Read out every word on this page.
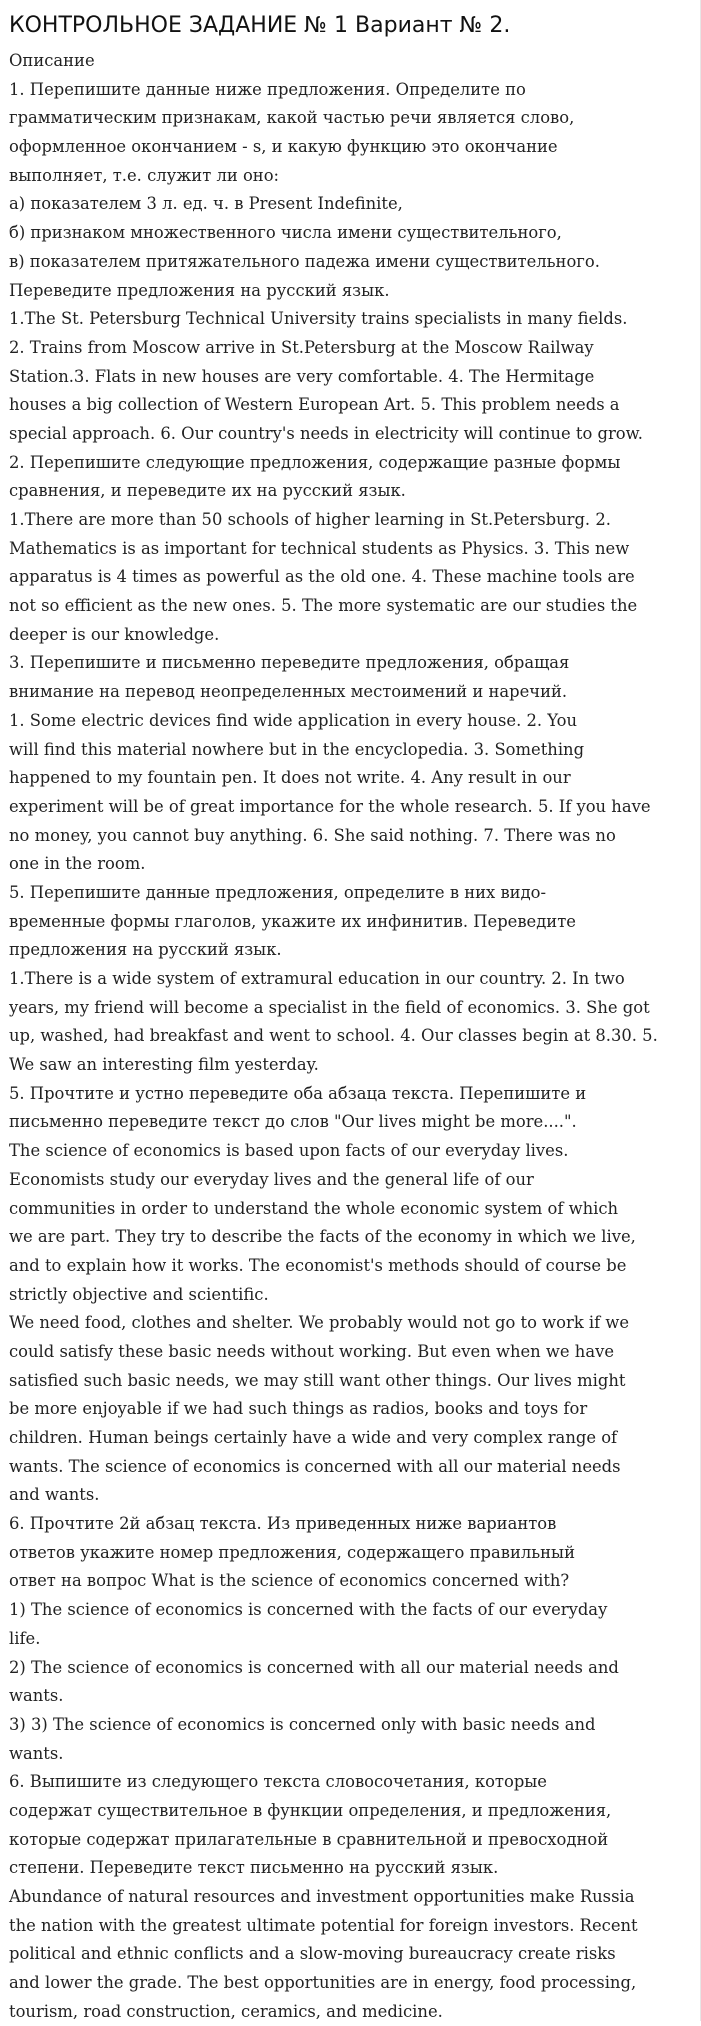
КОНТРОЛЬНОЕ ЗАДАНИЕ № 1 Вариант № 2.
Описание
1. Перепишите данные ниже предложения. Определите по
грамматическим признакам, какой частью речи является слово,
оформленное окончанием - s, и какую функцию это окончание
выполняет, т.е. служит ли оно:
а) показателем 3 л. ед. ч. в Present Indefinite,
б) признаком множественного числа имени существительного,
в) показателем притяжательного падежа имени существительного.
Переведите предложения на русский язык.
1.The St. Petersburg Technical University trains specialists in many fields.
2. Trains from Moscow arrive in St.Petersburg at the Moscow Railway
Station.3. Flats in new houses are very comfortable. 4. The Hermitage
houses a big collection of Western European Art. 5. This problem needs a
special approach. 6. Our country's needs in electricity will continue to grow.
2. Перепишите следующие предложения, содержащие разные формы
сравнения, и переведите их на русский язык.
1.There are more than 50 schools of higher learning in St.Petersburg. 2.
Mathematics is as important for technical students as Physics. 3. This new
apparatus is 4 times as powerful as the old one. 4. These machine tools are
not so efficient as the new ones. 5. The more systematic are our studies the
deeper is our knowledge.
3. Перепишите и письменно переведите предложения, обращая
внимание на перевод неопределенных местоимений и наречий.
1. Some electric devices find wide application in every house. 2. You
will find this material nowhere but in the encyclopedia. 3. Something
happened to my fountain pen. It does not write. 4. Any result in our
experiment will be of great importance for the whole research. 5. If you have
no money, you cannot buy anything. 6. She said nothing. 7. There was no
one in the room.
5. Перепишите данные предложения, определите в них видо-
временные формы глаголов, укажите их инфинитив. Переведите
предложения на русский язык.
1.There is a wide system of extramural education in our country. 2. In two
years, my friend will become a specialist in the field of economics. 3. She got
up, washed, had breakfast and went to school. 4. Our classes begin at 8.30. 5.
We saw an interesting film yesterday.
5. Прочтите и устно переведите оба абзаца текста. Перепишите и
письменно переведите текст до слов "Our lives might be more....".
The science of economics is based upon facts of our everyday lives.
Economists study our everyday lives and the general life of our
communities in order to understand the whole economic system of which
we are part. They try to describe the facts of the economy in which we live,
and to explain how it works. The economist's methods should of course be
strictly objective and scientific.
We need food, clothes and shelter. We probably would not go to work if we
could satisfy these basic needs without working. But even when we have
satisfied such basic needs, we may still want other things. Our lives might
be more enjoyable if we had such things as radios, books and toys for
children. Human beings certainly have a wide and very complex range of
wants. The science of economics is concerned with all our material needs
and wants.
6. Прочтите 2й абзац текста. Из приведенных ниже вариантов
ответов укажите номер предложения, содержащего правильный
ответ на вопрос What is the science of economics concerned with?
1) The science of economics is concerned with the facts of our everyday
life.
2) The science of economics is concerned with all our material needs and
wants.
3) 3) The science of economics is concerned only with basic needs and
wants.
6. Выпишите из следующего текста словосочетания, которые
содержат существительное в функции определения, и предложения,
которые содержат прилагательные в сравнительной и превосходной
степени. Переведите текст письменно на русский язык.
Abundance of natural resources and investment opportunities make Russia
the nation with the greatest ultimate potential for foreign investors. Recent
political and ethnic conflicts and a slow-moving bureaucracy create risks
and lower the grade. The best opportunities are in energy, food processing,
tourism, road construction, ceramics, and medicine.
